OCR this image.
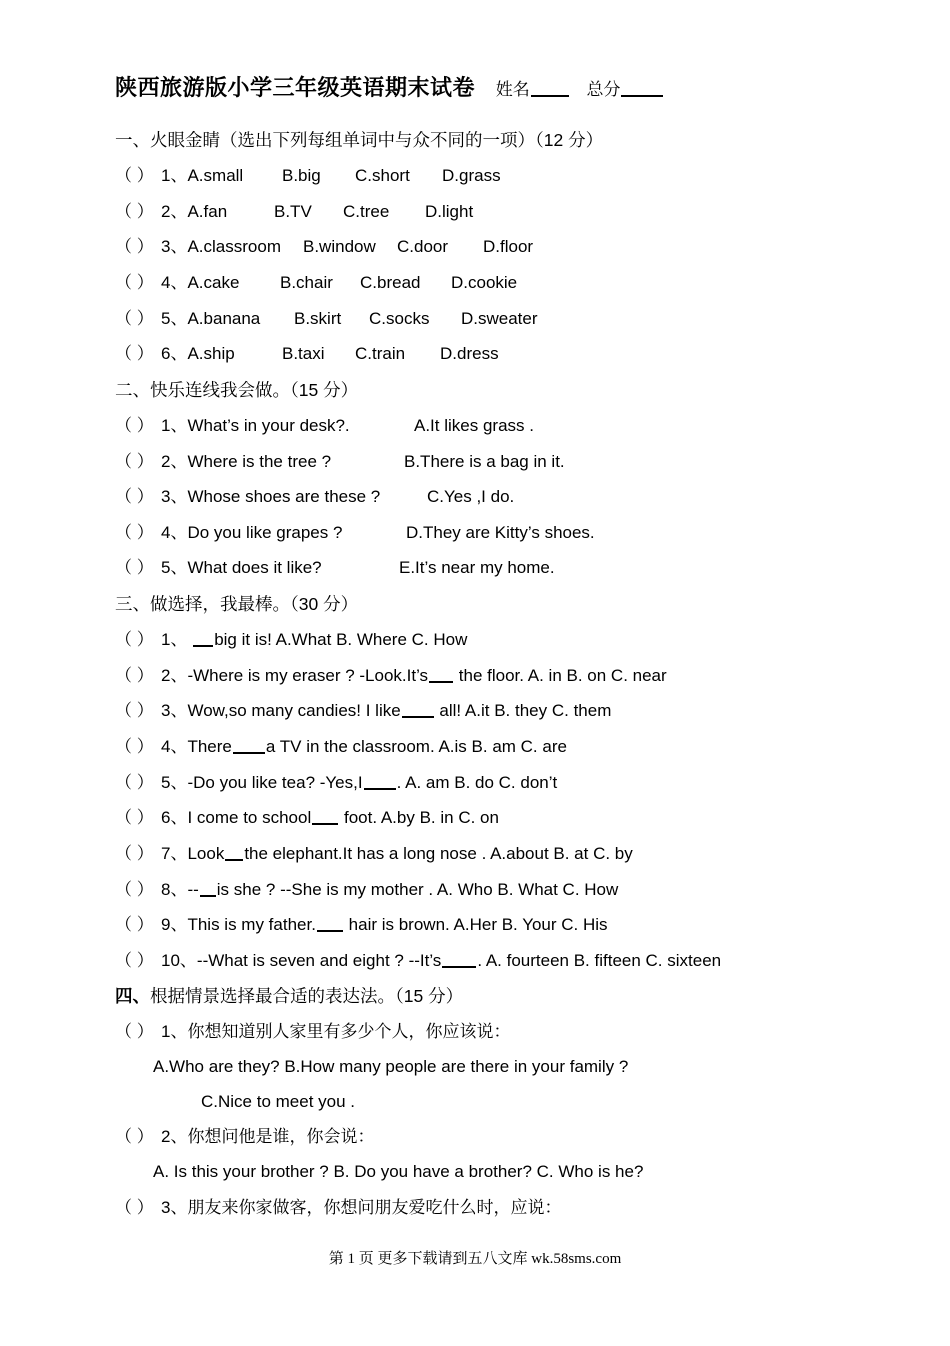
陕西旅游版小学三年级英语期末试卷 姓名	总分
一、火眼金睛（选出下列每组单词中与众不同的一项）（12 分）
（ ） 1、A.small B.big C.short D.grass
（ ） 2、A.fan	B.TV C.tree D.light
（ ） 3、A.classroom B.window C.door D.floor
（ ） 4、A.cake B.chair C.bread D.cookie
（ ） 5、A.banana B.skirt C.socks D.sweater
（ ） 6、A.ship	B.taxi C.train D.dress
二、快乐连线我会做。（15 分）
（ ） 1、What’s in your desk?.	A.It likes grass .
（ ） 2、Where is the tree ?	B.There is a bag in it.
（ ） 3、Whose shoes are these ?	C.Yes ,I do.
（ ） 4、Do you like grapes ?	D.They are Kitty’s shoes.
（ ） 5、What does it like?	E.It’s near my home.
三、做选择，我最棒。（30 分）
（ ） 1、 big it is! A.What B. Where C. How
（ ） 2、-Where is my eraser ? -Look.It’s the floor. A. in B. on C. near
（ ） 3、Wow,so many candies! I like all! A.it B. they C. them
（ ） 4、There a TV in the classroom. A.is B. am C. are
（ ） 5、-Do you like tea? -Yes,I . A. am B. do C. don’t
（ ） 6、I come to school foot. A.by B. in C. on
（ ） 7、Look the elephant.It has a long nose . A.about B. at C. by
（ ） 8、-- is she ? --She is my mother . A. Who B. What C. How
（ ） 9、This is my father. hair is brown. A.Her B. Your C. His
（ ） 10、--What is seven and eight ? --It’s . A. fourteen B. fifteen C. sixteen
四、根据情景选择最合适的表达法。（15 分）
（ ） 1、你想知道别人家里有多少个人，你应该说：
A.Who are they? B.How many people are there in your family ?
C.Nice to meet you .
（ ） 2、你想问他是谁，你会说：
A. Is this your brother ? B. Do you have a brother? C. Who is he?
（ ） 3、朋友来你家做客，你想问朋友爱吃什么时，应说：
第 1 页 更多下载请到五八文库 wk.58sms.com
